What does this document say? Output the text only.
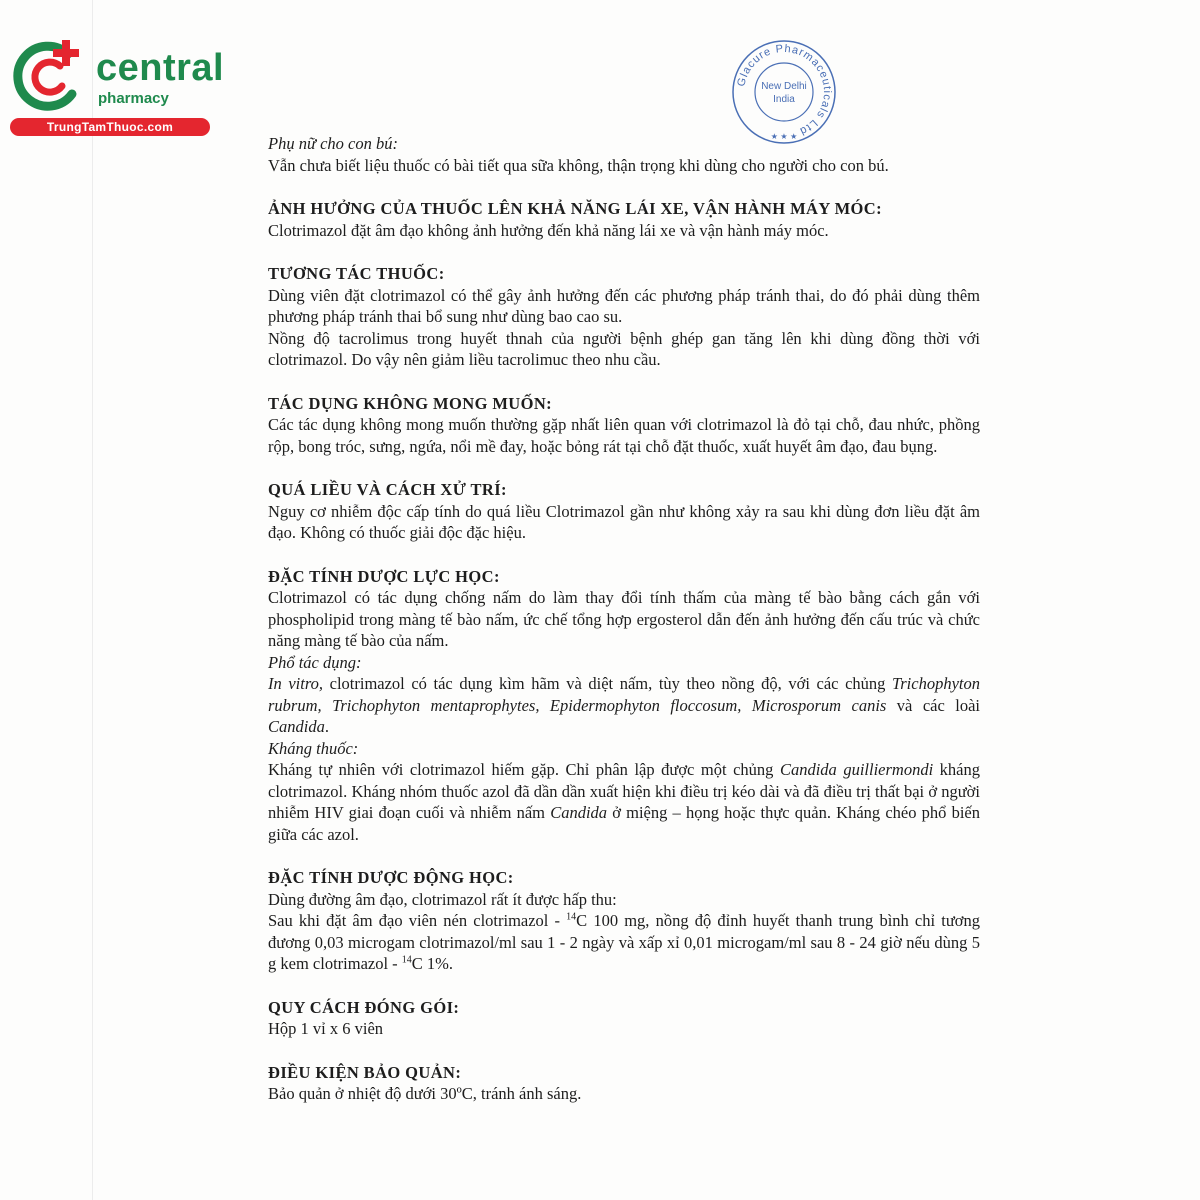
central
pharmacy
TrungTamThuoc.com
Glacure Pharmaceuticals Ltd
New Delhi
India
★ ★ ★

Phụ nữ cho con bú:

Vẫn chưa biết liệu thuốc có bài tiết qua sữa không, thận trọng khi dùng cho người cho con bú.

ẢNH HƯỞNG CỦA THUỐC LÊN KHẢ NĂNG LÁI XE, VẬN HÀNH MÁY MÓC:

Clotrimazol đặt âm đạo không ảnh hưởng đến khả năng lái xe và vận hành máy móc.

TƯƠNG TÁC THUỐC:

Dùng viên đặt clotrimazol có thể gây ảnh hưởng đến các phương pháp tránh thai, do đó phải dùng thêm phương pháp tránh thai bổ sung như dùng bao cao su.

Nồng độ tacrolimus trong huyết thnah của người bệnh ghép gan tăng lên khi dùng đồng thời với clotrimazol. Do vậy nên giảm liều tacrolimuc theo nhu cầu.

TÁC DỤNG KHÔNG MONG MUỐN:

Các tác dụng không mong muốn thường gặp nhất liên quan với clotrimazol là đỏ tại chỗ, đau nhức, phồng rộp, bong tróc, sưng, ngứa, nổi mề đay, hoặc bỏng rát tại chỗ đặt thuốc, xuất huyết âm đạo, đau bụng.

QUÁ LIỀU VÀ CÁCH XỬ TRÍ:

Nguy cơ nhiễm độc cấp tính do quá liều Clotrimazol gần như không xảy ra sau khi dùng đơn liều đặt âm đạo. Không có thuốc giải độc đặc hiệu.

ĐẶC TÍNH DƯỢC LỰC HỌC:

Clotrimazol có tác dụng chống nấm do làm thay đổi tính thấm của màng tế bào bằng cách gắn với phospholipid trong màng tế bào nấm, ức chế tổng hợp ergosterol dẫn đến ảnh hưởng đến cấu trúc và chức năng màng tế bào của nấm.

Phổ tác dụng:

In vitro, clotrimazol có tác dụng kìm hãm và diệt nấm, tùy theo nồng độ, với các chủng Trichophyton rubrum, Trichophyton mentaprophytes, Epidermophyton floccosum, Microsporum canis và các loài Candida.

Kháng thuốc:

Kháng tự nhiên với clotrimazol hiếm gặp. Chỉ phân lập được một chủng Candida guilliermondi kháng clotrimazol. Kháng nhóm thuốc azol đã dần dần xuất hiện khi điều trị kéo dài và đã điều trị thất bại ở người nhiễm HIV giai đoạn cuối và nhiễm nấm Candida ở miệng – họng hoặc thực quản. Kháng chéo phổ biến giữa các azol.

ĐẶC TÍNH DƯỢC ĐỘNG HỌC:

Dùng đường âm đạo, clotrimazol rất ít được hấp thu:

Sau khi đặt âm đạo viên nén clotrimazol - $^{14}$C 100 mg, nồng độ đỉnh huyết thanh trung bình chỉ tương đương 0,03 microgam clotrimazol/ml sau 1 - 2 ngày và xấp xỉ 0,01 microgam/ml sau 8 - 24 giờ nếu dùng 5 g kem clotrimazol - $^{14}$C 1%.

QUY CÁCH ĐÓNG GÓI:

Hộp 1 vỉ x 6 viên

ĐIỀU KIỆN BẢO QUẢN:

Bảo quản ở nhiệt độ dưới 30ºC, tránh ánh sáng.
